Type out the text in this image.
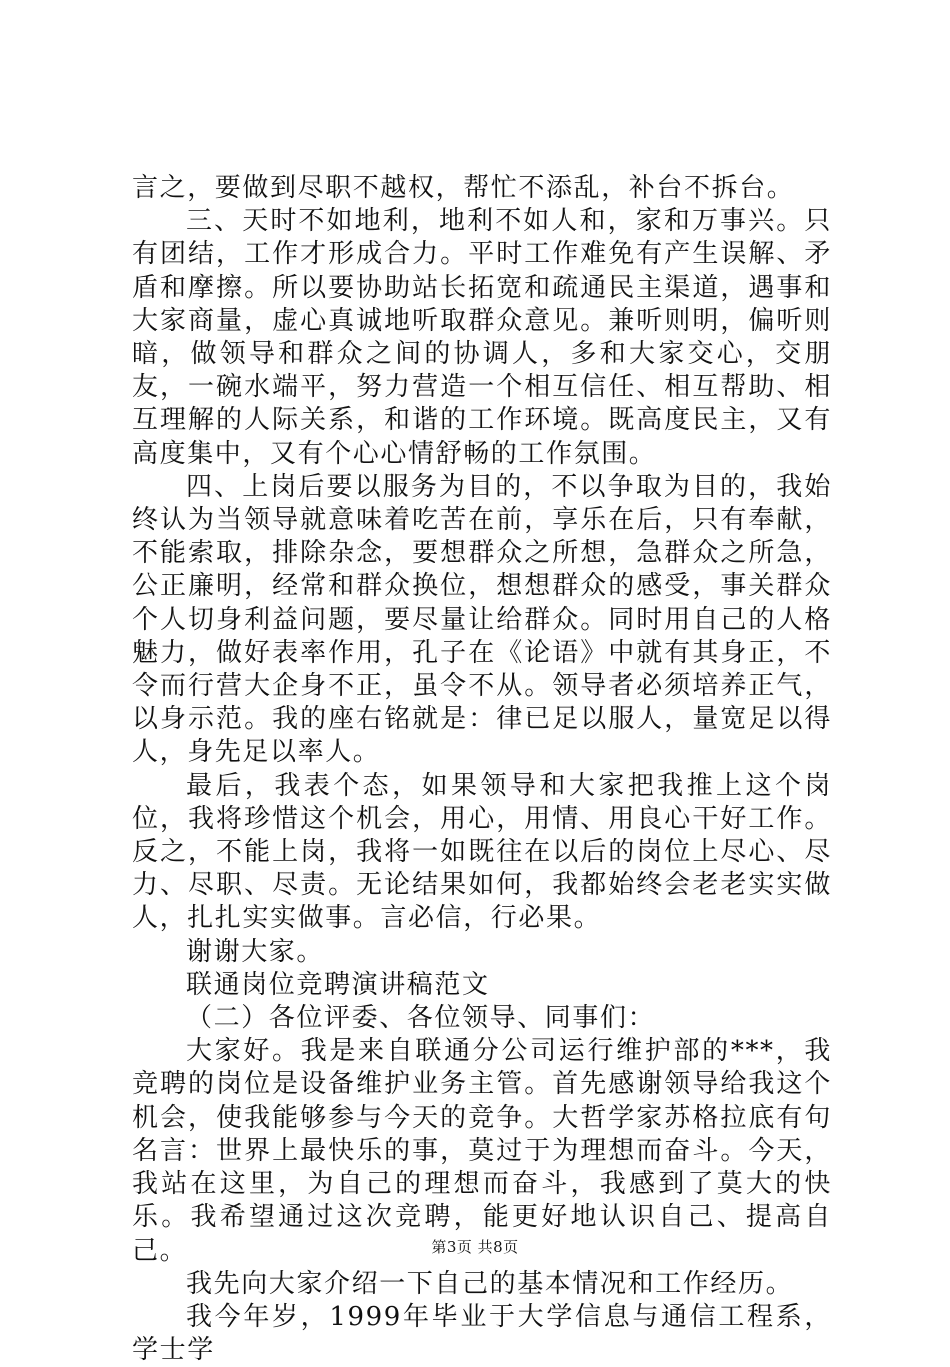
言之，要做到尽职不越权，帮忙不添乱，补台不拆台。

三、天时不如地利，地利不如人和，家和万事兴。只有团结，工作才形成合力。平时工作难免有产生误解、矛盾和摩擦。所以要协助站长拓宽和疏通民主渠道，遇事和大家商量，虚心真诚地听取群众意见。兼听则明，偏听则暗，做领导和群众之间的协调人，多和大家交心，交朋友，一碗水端平，努力营造一个相互信任、相互帮助、相互理解的人际关系，和谐的工作环境。既高度民主，又有高度集中，又有个心心情舒畅的工作氛围。

四、上岗后要以服务为目的，不以争取为目的，我始终认为当领导就意味着吃苦在前，享乐在后，只有奉献，不能索取，排除杂念，要想群众之所想，急群众之所急，公正廉明，经常和群众换位，想想群众的感受，事关群众个人切身利益问题，要尽量让给群众。同时用自己的人格魅力，做好表率作用，孔子在《论语》中就有其身正，不令而行营大企身不正，虽令不从。领导者必须培养正气，以身示范。我的座右铭就是：律已足以服人，量宽足以得人，身先足以率人。

最后，我表个态，如果领导和大家把我推上这个岗位，我将珍惜这个机会，用心，用情、用良心干好工作。反之，不能上岗，我将一如既往在以后的岗位上尽心、尽力、尽职、尽责。无论结果如何，我都始终会老老实实做人，扎扎实实做事。言必信，行必果。

谢谢大家。

联通岗位竞聘演讲稿范文

（二）各位评委、各位领导、同事们：

大家好。我是来自联通分公司运行维护部的***，我竞聘的岗位是设备维护业务主管。首先感谢领导给我这个机会，使我能够参与今天的竞争。大哲学家苏格拉底有句名言：世界上最快乐的事，莫过于为理想而奋斗。今天，我站在这里，为自己的理想而奋斗，我感到了莫大的快乐。我希望通过这次竞聘，能更好地认识自己、提高自己。

我先向大家介绍一下自己的基本情况和工作经历。

我今年岁，1999年毕业于大学信息与通信工程系，学士学

第3页 共8页
